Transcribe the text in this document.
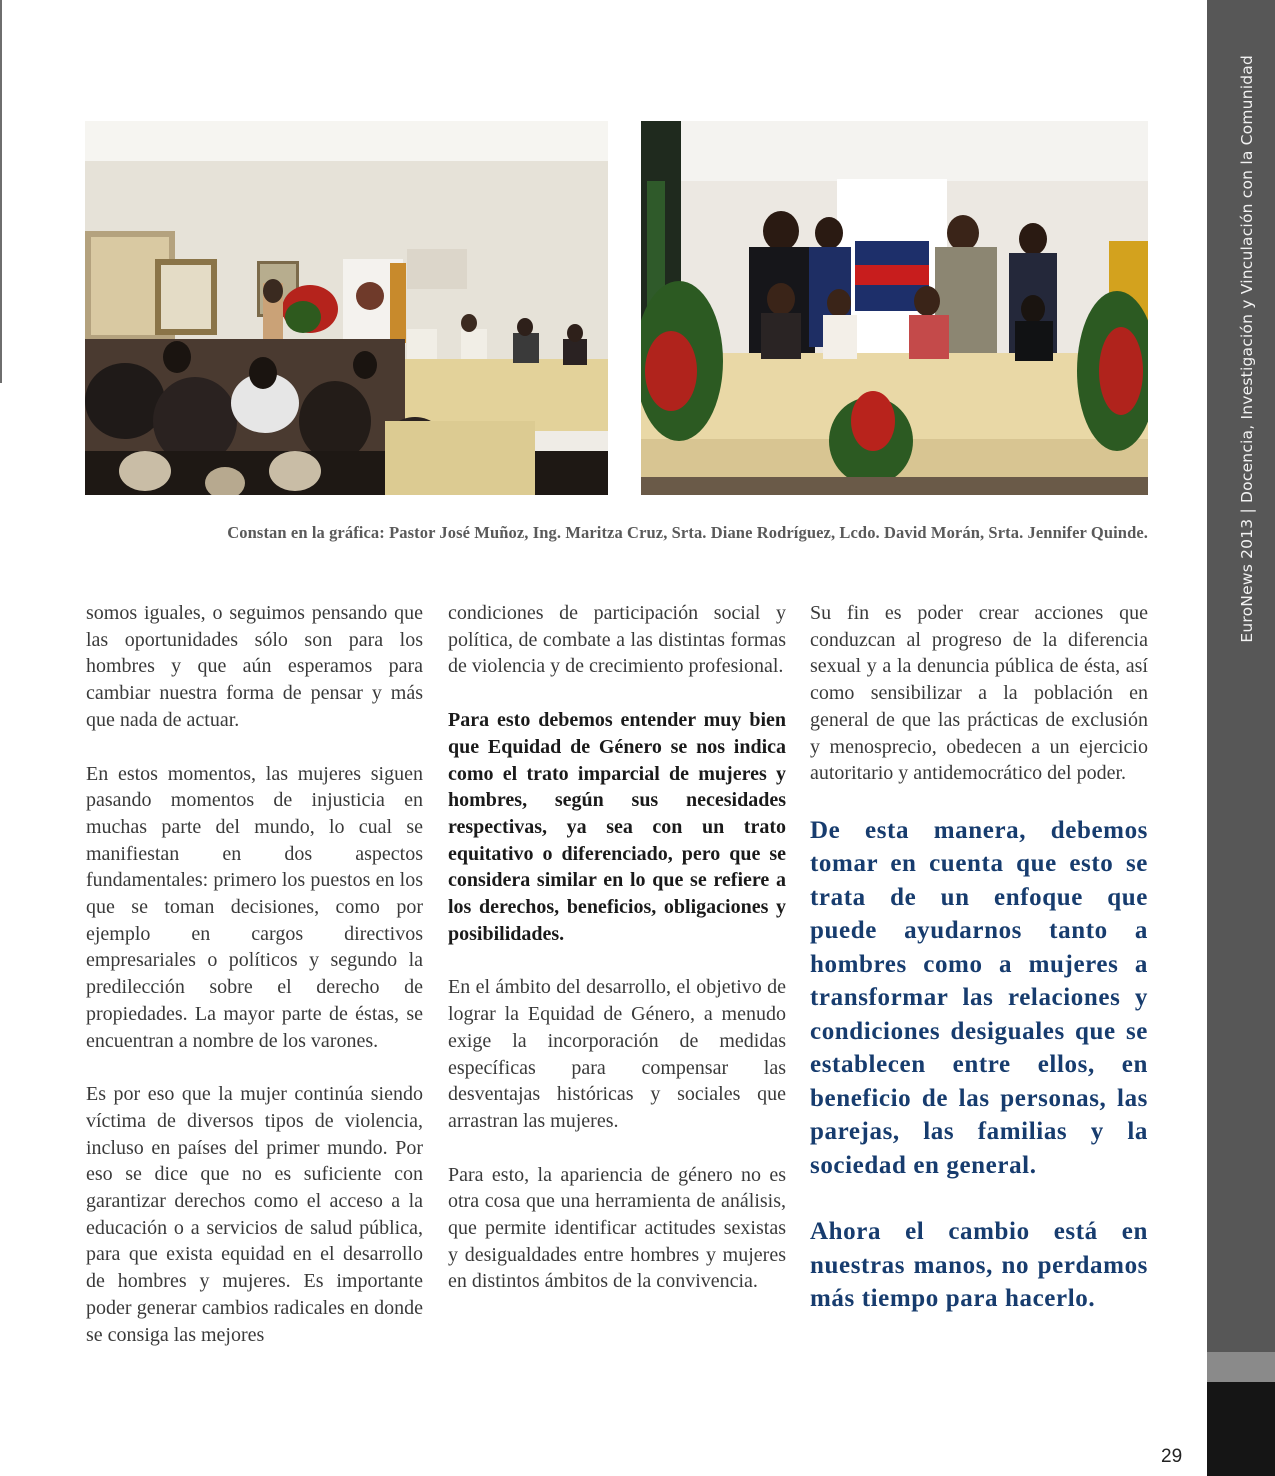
EuroNews 2013 | Docencia, Investigación y Vinculación con la Comunidad
Constan en la gráfica: Pastor José Muñoz, Ing. Maritza Cruz, Srta. Diane Rodríguez, Lcdo. David Morán, Srta. Jennifer Quinde.

somos iguales, o seguimos pensando que las oportunidades sólo son para los hombres y que aún esperamos para cambiar nuestra forma de pensar y más que nada de actuar.

En estos momentos, las mujeres siguen pasando momentos de injusticia en muchas parte del mundo, lo cual se manifiestan en dos aspectos fundamentales: primero los puestos en los que se toman decisiones, como por ejemplo en cargos directivos empresariales o políticos y segundo la predilección sobre el derecho de propiedades. La mayor parte de éstas, se encuentran a nombre de los varones.

Es por eso que la mujer continúa siendo víctima de diversos tipos de violencia, incluso en países del primer mundo. Por eso se dice que no es suficiente con garantizar derechos como el acceso a la educación o a servicios de salud pública, para que exista equidad en el desarrollo de hombres y mujeres. Es importante poder generar cambios radicales en donde se consiga las mejores

condiciones de participación social y política, de combate a las distintas formas de violencia y de crecimiento profesional.

Para esto debemos entender muy bien que Equidad de Género se nos indica como el trato imparcial de mujeres y hombres, según sus necesidades respectivas, ya sea con un trato equitativo o diferenciado, pero que se considera similar en lo que se refiere a los derechos, beneficios, obligaciones y posibilidades.

En el ámbito del desarrollo, el objetivo de lograr la Equidad de Género, a menudo exige la incorporación de medidas específicas para compensar las desventajas históricas y sociales que arrastran las mujeres.

Para esto, la apariencia de género no es otra cosa que una herramienta de análisis, que permite identificar actitudes sexistas y desigualdades entre hombres y mujeres en distintos ámbitos de la convivencia.

Su fin es poder crear acciones que conduzcan al progreso de la diferencia sexual y a la denuncia pública de ésta, así como sensibilizar a la población en general de que las prácticas de exclusión y menosprecio, obedecen a un ejercicio autoritario y antidemocrático del poder.

De esta manera, debemos tomar en cuenta que esto se trata de un enfoque que puede ayudarnos tanto a hombres como a mujeres a transformar las relaciones y condiciones desiguales que se establecen entre ellos, en beneficio de las personas, las parejas, las familias y la sociedad en general.

Ahora el cambio está en nuestras manos, no perdamos más tiempo para hacerlo.

29
